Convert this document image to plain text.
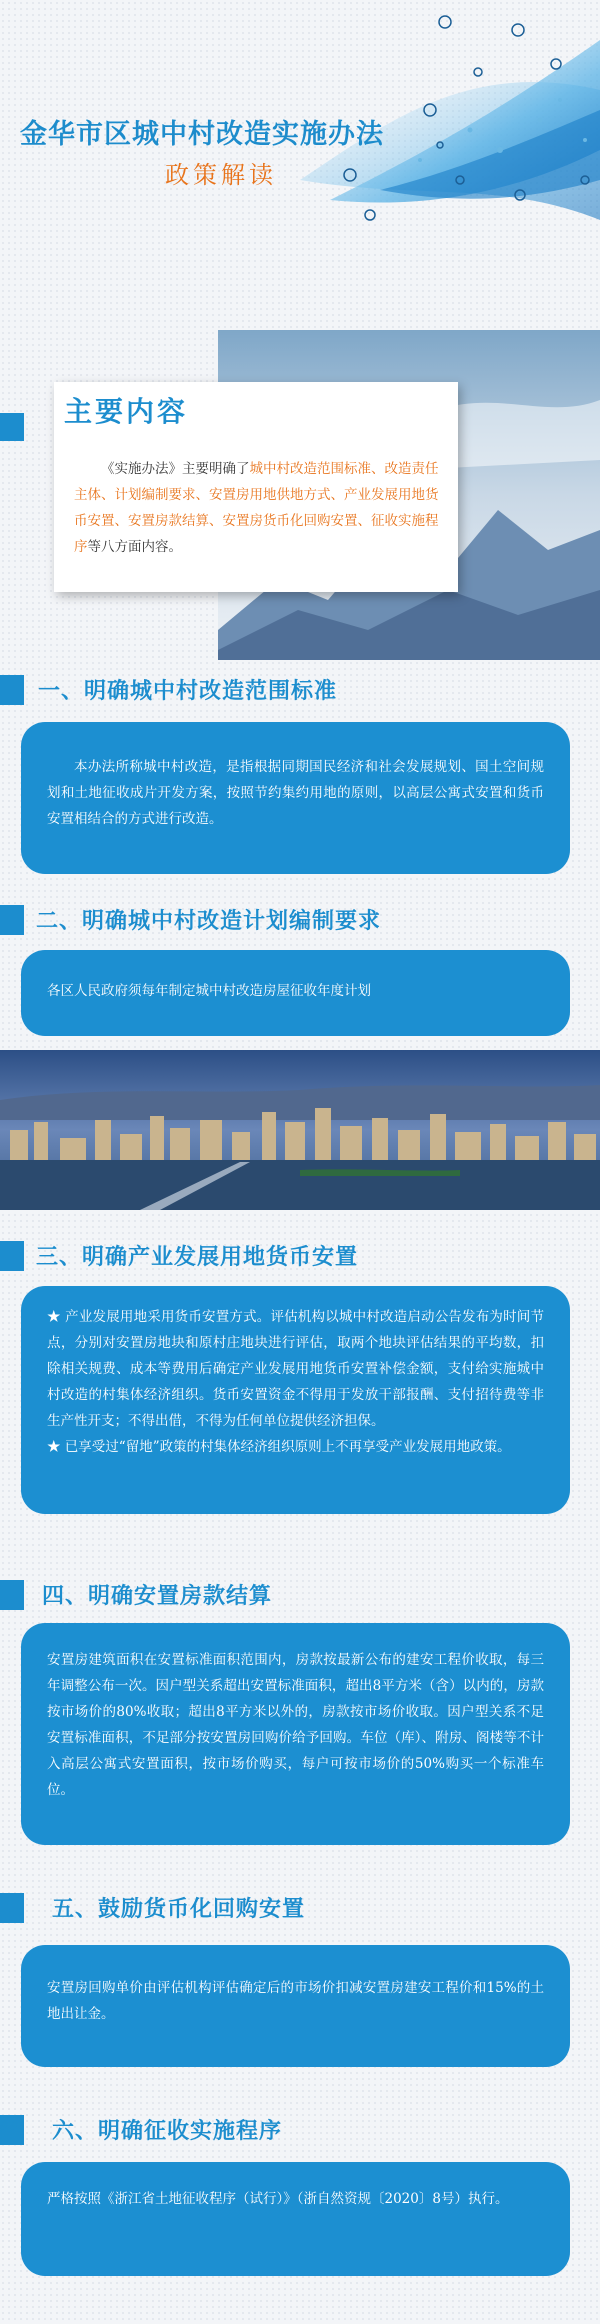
金华市区城中村改造实施办法
政策解读
主要内容

《实施办法》主要明确了城中村改造范围标准、改造责任主体、计划编制要求、安置房用地供地方式、产业发展用地货币安置、安置房款结算、安置房货币化回购安置、征收实施程序等八方面内容。

一、明确城中村改造范围标准

本办法所称城中村改造，是指根据同期国民经济和社会发展规划、国土空间规划和土地征收成片开发方案，按照节约集约用地的原则，以高层公寓式安置和货币安置相结合的方式进行改造。

二、明确城中村改造计划编制要求

各区人民政府须每年制定城中村改造房屋征收年度计划

三、明确产业发展用地货币安置

★ 产业发展用地采用货币安置方式。评估机构以城中村改造启动公告发布为时间节点，分别对安置房地块和原村庄地块进行评估，取两个地块评估结果的平均数，扣除相关规费、成本等费用后确定产业发展用地货币安置补偿金额，支付给实施城中村改造的村集体经济组织。货币安置资金不得用于发放干部报酬、支付招待费等非生产性开支；不得出借，不得为任何单位提供经济担保。

★ 已享受过“留地”政策的村集体经济组织原则上不再享受产业发展用地政策。

四、明确安置房款结算

安置房建筑面积在安置标准面积范围内，房款按最新公布的建安工程价收取，每三年调整公布一次。因户型关系超出安置标准面积，超出8平方米（含）以内的，房款按市场价的80%收取；超出8平方米以外的，房款按市场价收取。因户型关系不足安置标准面积，不足部分按安置房回购价给予回购。车位（库）、附房、阁楼等不计入高层公寓式安置面积，按市场价购买，每户可按市场价的50%购买一个标准车位。

五、鼓励货币化回购安置

安置房回购单价由评估机构评估确定后的市场价扣减安置房建安工程价和15%的土地出让金。

六、明确征收实施程序

严格按照《浙江省土地征收程序（试行）》（浙自然资规〔2020〕8号）执行。
